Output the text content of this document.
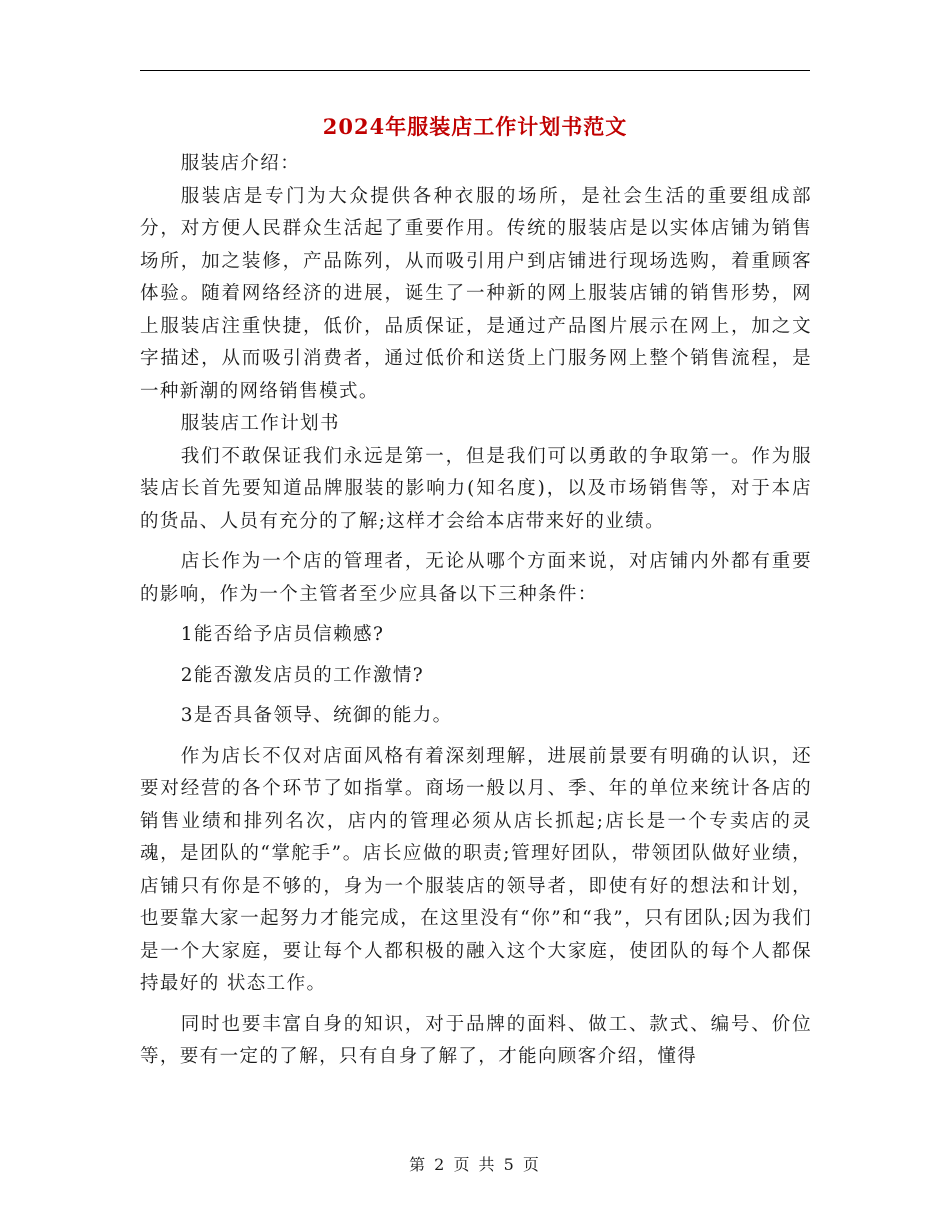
2024年服装店工作计划书范文

服装店介绍：

服装店是专门为大众提供各种衣服的场所，是社会生活的重要组成部分，对方便人民群众生活起了重要作用。传统的服装店是以实体店铺为销售场所，加之装修，产品陈列，从而吸引用户到店铺进行现场选购，着重顾客体验。随着网络经济的进展，诞生了一种新的网上服装店铺的销售形势，网上服装店注重快捷，低价，品质保证，是通过产品图片展示在网上，加之文字描述，从而吸引消费者，通过低价和送货上门服务网上整个销售流程，是一种新潮的网络销售模式。

服装店工作计划书

我们不敢保证我们永远是第一，但是我们可以勇敢的争取第一。作为服装店长首先要知道品牌服装的影响力(知名度)，以及市场销售等，对于本店的货品、人员有充分的了解;这样才会给本店带来好的业绩。

店长作为一个店的管理者，无论从哪个方面来说，对店铺内外都有重要的影响，作为一个主管者至少应具备以下三种条件：

1能否给予店员信赖感?

2能否激发店员的工作激情?

3是否具备领导、统御的能力。

作为店长不仅对店面风格有着深刻理解，进展前景要有明确的认识，还要对经营的各个环节了如指掌。商场一般以月、季、年的单位来统计各店的销售业绩和排列名次，店内的管理必须从店长抓起;店长是一个专卖店的灵魂，是团队的“掌舵手”。店长应做的职责;管理好团队，带领团队做好业绩，店铺只有你是不够的，身为一个服装店的领导者，即使有好的想法和计划，也要靠大家一起努力才能完成，在这里没有“你”和“我”，只有团队;因为我们是一个大家庭，要让每个人都积极的融入这个大家庭，使团队的每个人都保持最好的 状态工作。

同时也要丰富自身的知识，对于品牌的面料、做工、款式、编号、价位等，要有一定的了解，只有自身了解了，才能向顾客介绍，懂得

第 2 页 共 5 页
